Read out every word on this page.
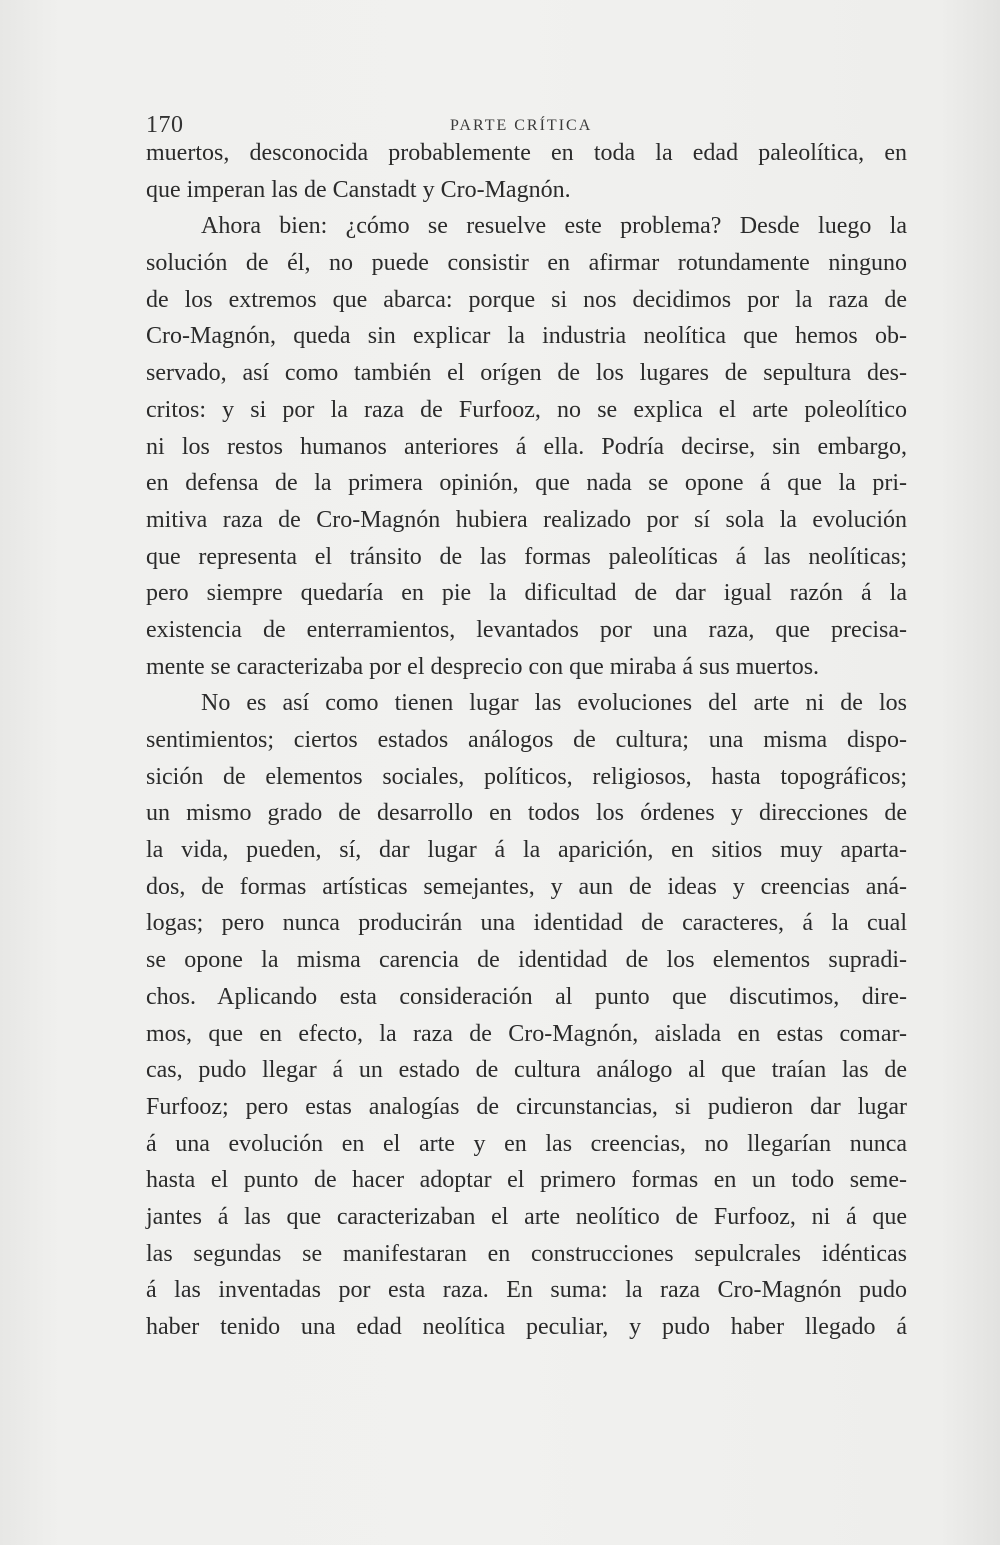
170	PARTE CRÍTICA
muertos, desconocida probablemente en toda la edad paleolítica, en
que imperan las de Canstadt y Cro-Magnón.
Ahora bien: ¿cómo se resuelve este problema? Desde luego la
solución de él, no puede consistir en afirmar rotundamente ninguno
de los extremos que abarca: porque si nos decidimos por la raza de
Cro-Magnón, queda sin explicar la industria neolítica que hemos ob-
servado, así como también el orígen de los lugares de sepultura des-
critos: y si por la raza de Furfooz, no se explica el arte poleolítico
ni los restos humanos anteriores á ella. Podría decirse, sin embargo,
en defensa de la primera opinión, que nada se opone á que la pri-
mitiva raza de Cro-Magnón hubiera realizado por sí sola la evolución
que representa el tránsito de las formas paleolíticas á las neolíticas;
pero siempre quedaría en pie la dificultad de dar igual razón á la
existencia de enterramientos, levantados por una raza, que precisa-
mente se caracterizaba por el desprecio con que miraba á sus muertos.
No es así como tienen lugar las evoluciones del arte ni de los
sentimientos; ciertos estados análogos de cultura; una misma dispo-
sición de elementos sociales, políticos, religiosos, hasta topográficos;
un mismo grado de desarrollo en todos los órdenes y direcciones de
la vida, pueden, sí, dar lugar á la aparición, en sitios muy aparta-
dos, de formas artísticas semejantes, y aun de ideas y creencias aná-
logas; pero nunca producirán una identidad de caracteres, á la cual
se opone la misma carencia de identidad de los elementos supradi-
chos. Aplicando esta consideración al punto que discutimos, dire-
mos, que en efecto, la raza de Cro-Magnón, aislada en estas comar-
cas, pudo llegar á un estado de cultura análogo al que traían las de
Furfooz; pero estas analogías de circunstancias, si pudieron dar lugar
á una evolución en el arte y en las creencias, no llegarían nunca
hasta el punto de hacer adoptar el primero formas en un todo seme-
jantes á las que caracterizaban el arte neolítico de Furfooz, ni á que
las segundas se manifestaran en construcciones sepulcrales idénticas
á las inventadas por esta raza. En suma: la raza Cro-Magnón pudo
haber tenido una edad neolítica peculiar, y pudo haber llegado á
